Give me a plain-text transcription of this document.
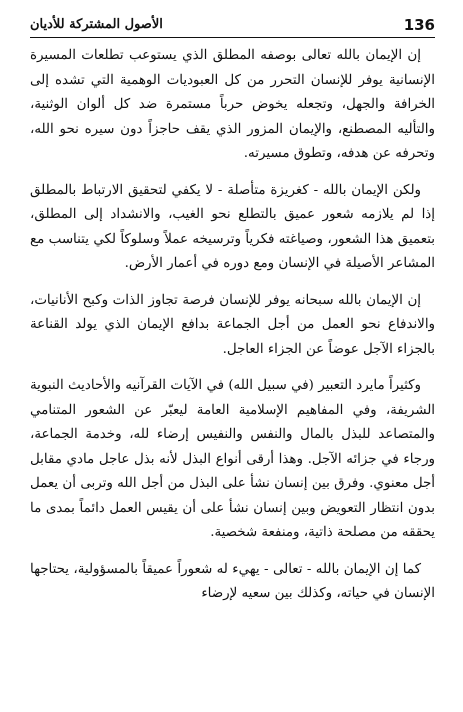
الأصول المشتركة للأديان	136

إن الإيمان بالله تعالى بوصفه المطلق الذي يستوعب تطلعات المسيرة الإنسانية يوفر للإنسان التحرر من كل العبوديات الوهمية التي تشده إلى الخرافة والجهل، وتجعله يخوض حرباً مستمرة ضد كل ألوان الوثنية، والتأليه المصطنع، والإيمان المزور الذي يقف حاجزاً دون سيره نحو الله، وتحرفه عن هدفه، وتطوق مسيرته.

ولكن الإيمان بالله - كغريزة متأصلة - لا يكفي لتحقيق الارتباط بالمطلق إذا لم يلازمه شعور عميق بالتطلع نحو الغيب، والانشداد إلى المطلق، بتعميق هذا الشعور، وصياغته فكرياً وترسيخه عملاً وسلوكاً لكي يتناسب مع المشاعر الأصيلة في الإنسان ومع دوره في أعمار الأرض.

إن الإيمان بالله سبحانه يوفر للإنسان فرصة تجاوز الذات وكبح الأنانيات، والاندفاع نحو العمل من أجل الجماعة بدافع الإيمان الذي يولد القناعة بالجزاء الآجل عوضاً عن الجزاء العاجل.

وكثيراً مايرد التعبير (في سبيل الله) في الآيات القرآنيه والأحاديث النبوية الشريفة، وفي المفاهيم الإسلامية العامة ليعبّر عن الشعور المتنامي والمتصاعد للبذل بالمال والنفس والنفيس إرضاء لله، وخدمة الجماعة، ورجاء في جزائه الآجل. وهذا أرقى أنواع البذل لأنه بذل عاجل مادي مقابل أجل معنوي. وفرق بين إنسان نشأ على البذل من أجل الله وتربى أن يعمل بدون انتظار التعويض وبين إنسان نشأ على أن يقيس العمل دائماً بمدى ما يحققه من مصلحة ذاتية، ومنفعة شخصية.

كما إن الإيمان بالله - تعالى - يهيء له شعوراً عميقاً بالمسؤولية، يحتاجها الإنسان في حياته، وكذلك بين سعيه لإرضاء
